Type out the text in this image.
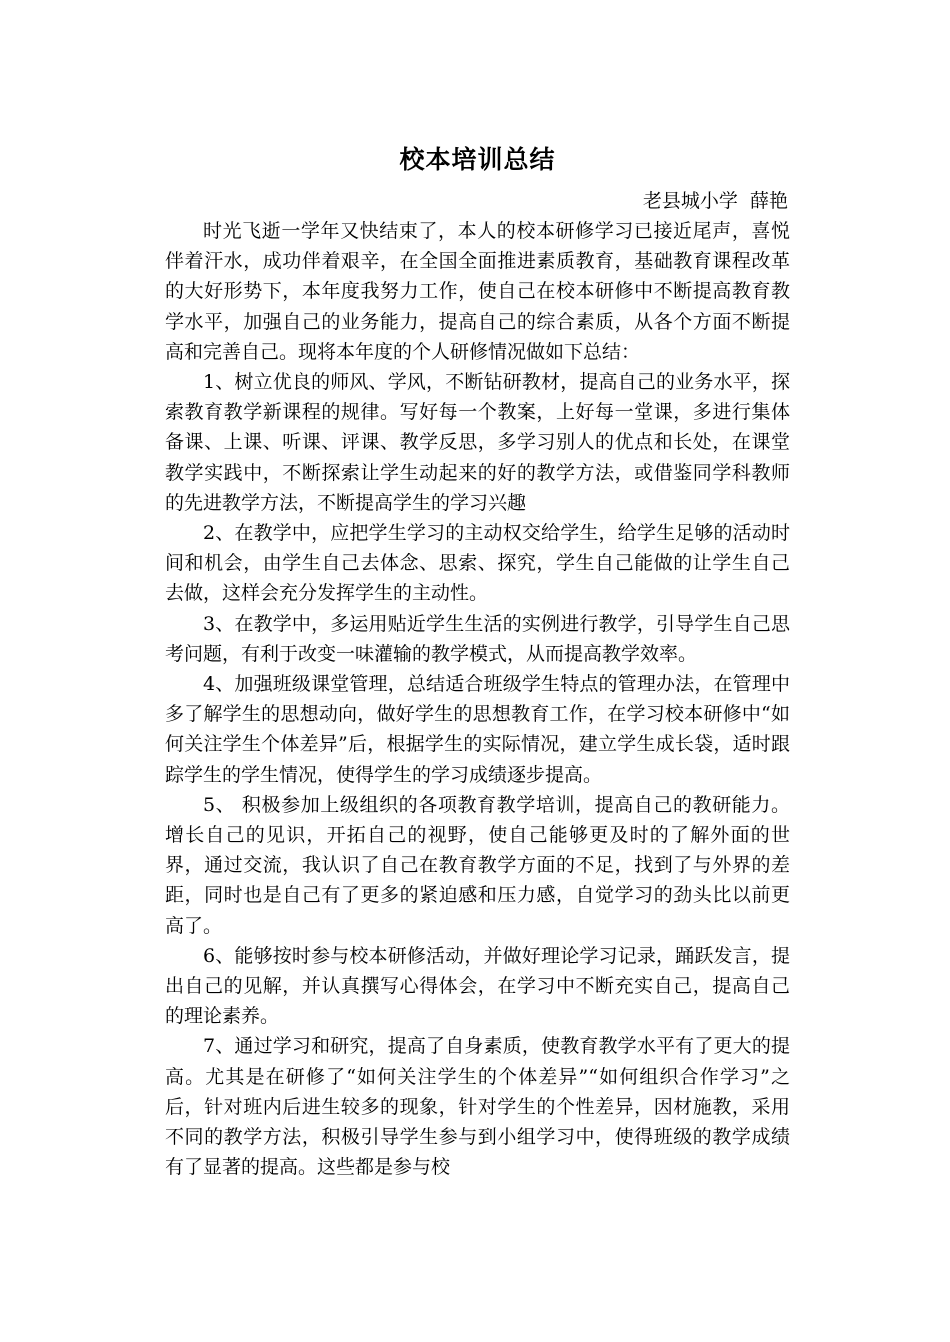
校本培训总结

老县城小学  薛艳

时光飞逝一学年又快结束了，本人的校本研修学习已接近尾声，喜悦伴着汗水，成功伴着艰辛，在全国全面推进素质教育，基础教育课程改革的大好形势下，本年度我努力工作，使自己在校本研修中不断提高教育教学水平，加强自己的业务能力，提高自己的综合素质，从各个方面不断提高和完善自己。现将本年度的个人研修情况做如下总结：

1、树立优良的师风、学风，不断钻研教材，提高自己的业务水平，探索教育教学新课程的规律。写好每一个教案，上好每一堂课，多进行集体备课、上课、听课、评课、教学反思，多学习别人的优点和长处，在课堂教学实践中，不断探索让学生动起来的好的教学方法，或借鉴同学科教师的先进教学方法，不断提高学生的学习兴趣

2、在教学中，应把学生学习的主动权交给学生，给学生足够的活动时间和机会，由学生自己去体念、思索、探究，学生自己能做的让学生自己去做，这样会充分发挥学生的主动性。

3、在教学中，多运用贴近学生生活的实例进行教学，引导学生自己思考问题，有利于改变一味灌输的教学模式，从而提高教学效率。

4、加强班级课堂管理，总结适合班级学生特点的管理办法，在管理中多了解学生的思想动向，做好学生的思想教育工作，在学习校本研修中“如何关注学生个体差异”后，根据学生的实际情况，建立学生成长袋，适时跟踪学生的学生情况，使得学生的学习成绩逐步提高。

5、 积极参加上级组织的各项教育教学培训，提高自己的教研能力。增长自己的见识，开拓自己的视野，使自己能够更及时的了解外面的世界，通过交流，我认识了自己在教育教学方面的不足，找到了与外界的差距，同时也是自己有了更多的紧迫感和压力感，自觉学习的劲头比以前更高了。

6、能够按时参与校本研修活动，并做好理论学习记录，踊跃发言，提出自己的见解，并认真撰写心得体会，在学习中不断充实自己，提高自己的理论素养。

7、通过学习和研究，提高了自身素质，使教育教学水平有了更大的提高。尤其是在研修了“如何关注学生的个体差异”“如何组织合作学习”之后，针对班内后进生较多的现象，针对学生的个性差异，因材施教，采用不同的教学方法，积极引导学生参与到小组学习中，使得班级的教学成绩有了显著的提高。这些都是参与校
